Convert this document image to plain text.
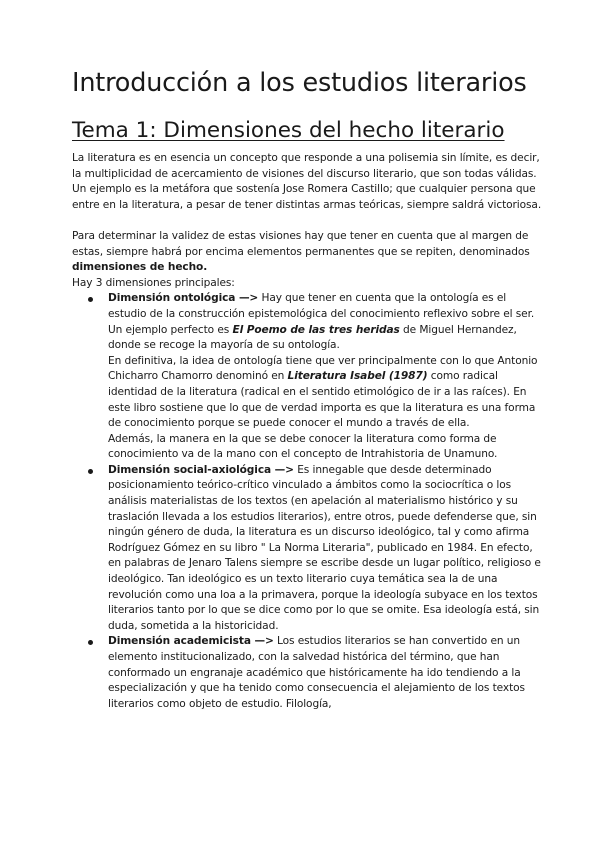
Introducción a los estudios literarios
Tema 1: Dimensiones del hecho literario

La literatura es en esencia un concepto que responde a una polisemia sin límite, es decir, la multiplicidad de acercamiento de visiones del discurso literario, que son todas válidas.

Un ejemplo es la metáfora que sostenía Jose Romera Castillo; que cualquier persona que entre en la literatura, a pesar de tener distintas armas teóricas, siempre saldrá victoriosa.

Para determinar la validez de estas visiones hay que tener en cuenta que al margen de estas, siempre habrá por encima elementos permanentes que se repiten, denominados dimensiones de hecho.

Hay 3 dimensiones principales:

Dimensión ontológica —> Hay que tener en cuenta que la ontología es el estudio de la construcción epistemológica del conocimiento reflexivo sobre el ser.
Un ejemplo perfecto es El Poemo de las tres heridas de Miguel Hernandez, donde se recoge la mayoría de su ontología.
En definitiva, la idea de ontología tiene que ver principalmente con lo que Antonio Chicharro Chamorro denominó en Literatura Isabel (1987) como radical identidad de la literatura (radical en el sentido etimológico de ir a las raíces). En este libro sostiene que lo que de verdad importa es que la literatura es una forma de conocimiento porque se puede conocer el mundo a través de ella.
Además, la manera en la que se debe conocer la literatura como forma de conocimiento va de la mano con el concepto de Intrahistoria de Unamuno.
Dimensión social-axiológica —> Es innegable que desde determinado posicionamiento teórico-crítico vinculado a ámbitos como la sociocrítica o los análisis materialistas de los textos (en apelación al materialismo histórico y su traslación llevada a los estudios literarios), entre otros, puede defenderse que, sin ningún género de duda, la literatura es un discurso ideológico, tal y como afirma Rodríguez Gómez en su libro " La Norma Literaria", publicado en 1984. En efecto, en palabras de Jenaro Talens siempre se escribe desde un lugar político, religioso e ideológico. Tan ideológico es un texto literario cuya temática sea la de una revolución como una loa a la primavera, porque la ideología subyace en los textos literarios tanto por lo que se dice como por lo que se omite. Esa ideología está, sin duda, sometida a la historicidad.
Dimensión academicista —> Los estudios literarios se han convertido en un elemento institucionalizado, con la salvedad histórica del término, que han conformado un engranaje académico que históricamente ha ido tendiendo a la especialización y que ha tenido como consecuencia el alejamiento de los textos literarios como objeto de estudio. Filología,
